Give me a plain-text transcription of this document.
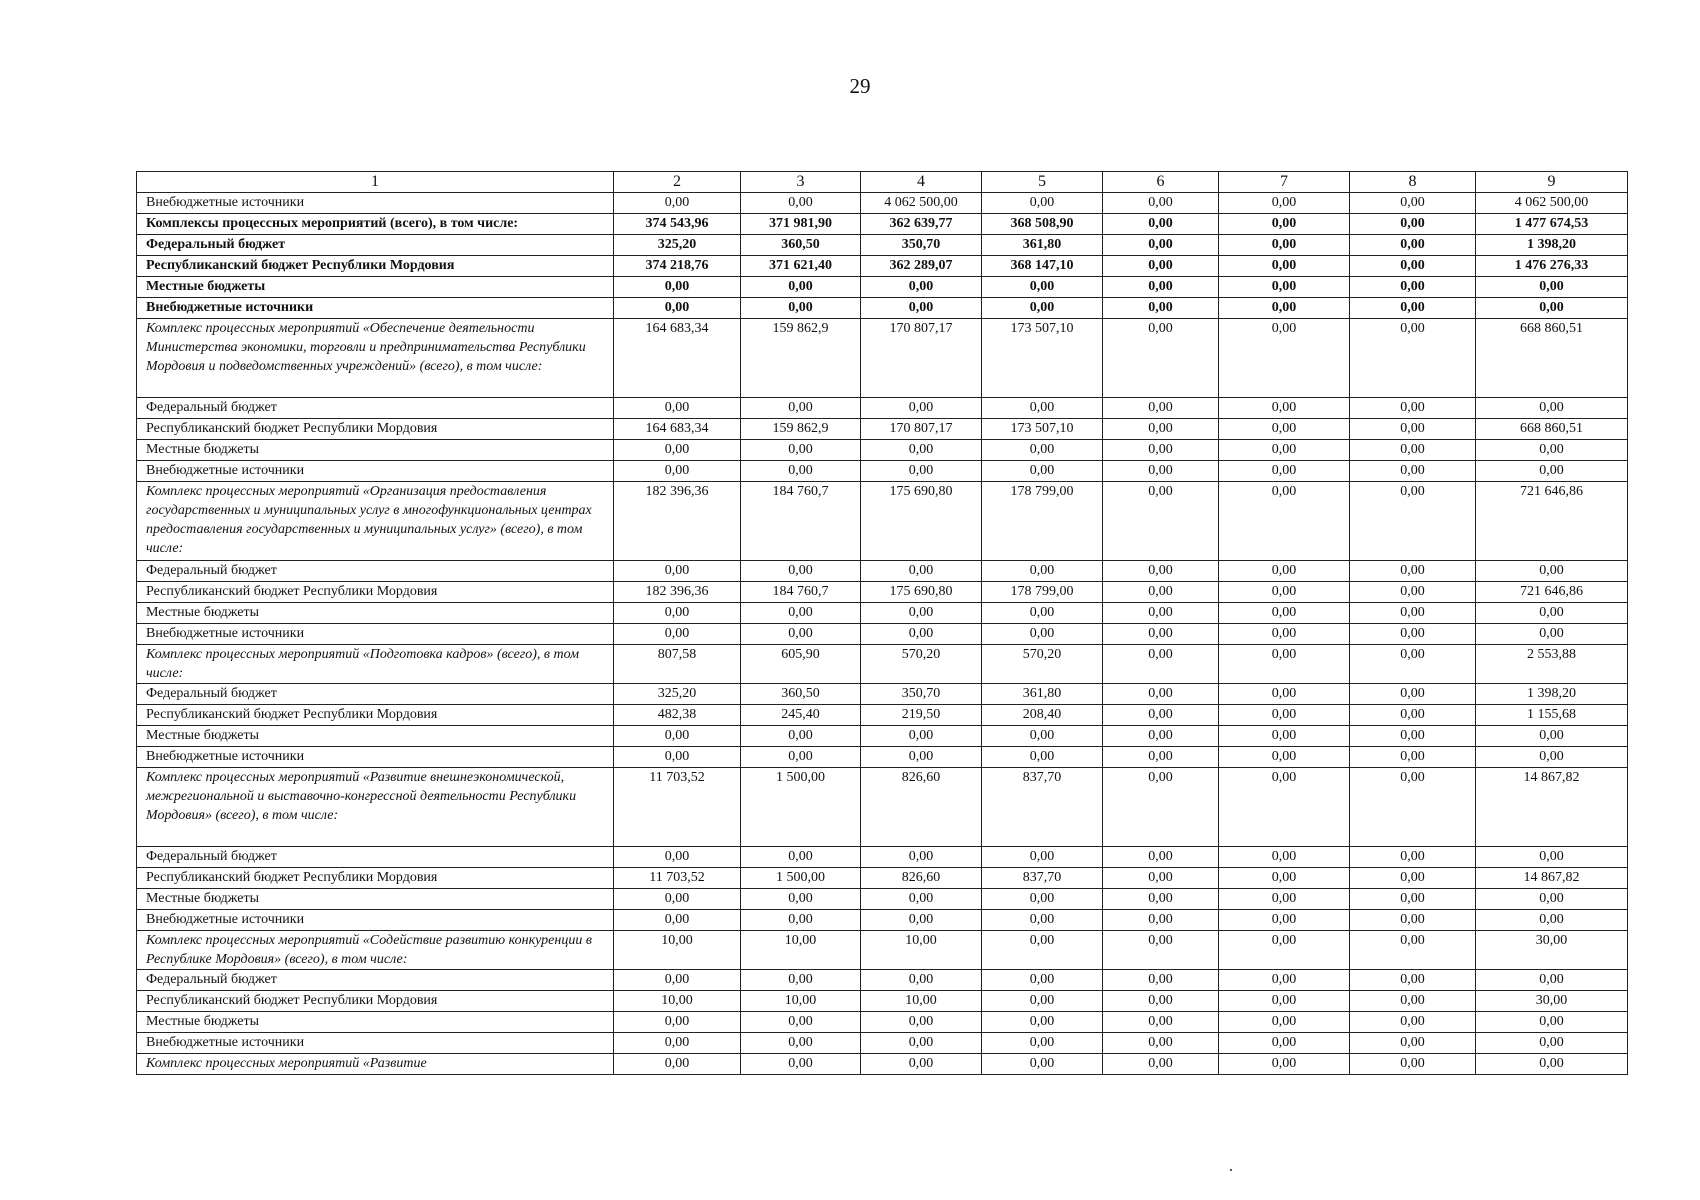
29
1	2	3	4	5	6	7	8	9
Внебюджетные источники	0,00	0,00	4 062 500,00	0,00	0,00	0,00	0,00	4 062 500,00
Комплексы процессных мероприятий (всего), в том числе:	374 543,96	371 981,90	362 639,77	368 508,90	0,00	0,00	0,00	1 477 674,53
Федеральный бюджет	325,20	360,50	350,70	361,80	0,00	0,00	0,00	1 398,20
Республиканский бюджет Республики Мордовия	374 218,76	371 621,40	362 289,07	368 147,10	0,00	0,00	0,00	1 476 276,33
Местные бюджеты	0,00	0,00	0,00	0,00	0,00	0,00	0,00	0,00
Внебюджетные источники	0,00	0,00	0,00	0,00	0,00	0,00	0,00	0,00
Комплекс процессных мероприятий «Обеспечение деятельности Министерства экономики, торговли и предпринимательства Республики Мордовия и подведомственных учреждений» (всего), в том числе:	164 683,34	159 862,9	170 807,17	173 507,10	0,00	0,00	0,00	668 860,51
Федеральный бюджет	0,00	0,00	0,00	0,00	0,00	0,00	0,00	0,00
Республиканский бюджет Республики Мордовия	164 683,34	159 862,9	170 807,17	173 507,10	0,00	0,00	0,00	668 860,51
Местные бюджеты	0,00	0,00	0,00	0,00	0,00	0,00	0,00	0,00
Внебюджетные источники	0,00	0,00	0,00	0,00	0,00	0,00	0,00	0,00
Комплекс процессных мероприятий «Организация предоставления государственных и муниципальных услуг в многофункциональных центрах предоставления государственных и муниципальных услуг» (всего), в том числе:	182 396,36	184 760,7	175 690,80	178 799,00	0,00	0,00	0,00	721 646,86
Федеральный бюджет	0,00	0,00	0,00	0,00	0,00	0,00	0,00	0,00
Республиканский бюджет Республики Мордовия	182 396,36	184 760,7	175 690,80	178 799,00	0,00	0,00	0,00	721 646,86
Местные бюджеты	0,00	0,00	0,00	0,00	0,00	0,00	0,00	0,00
Внебюджетные источники	0,00	0,00	0,00	0,00	0,00	0,00	0,00	0,00
Комплекс процессных мероприятий «Подготовка кадров» (всего), в том числе:	807,58	605,90	570,20	570,20	0,00	0,00	0,00	2 553,88
Федеральный бюджет	325,20	360,50	350,70	361,80	0,00	0,00	0,00	1 398,20
Республиканский бюджет Республики Мордовия	482,38	245,40	219,50	208,40	0,00	0,00	0,00	1 155,68
Местные бюджеты	0,00	0,00	0,00	0,00	0,00	0,00	0,00	0,00
Внебюджетные источники	0,00	0,00	0,00	0,00	0,00	0,00	0,00	0,00
Комплекс процессных мероприятий «Развитие внешнеэкономической, межрегиональной и выставочно-конгрессной деятельности Республики Мордовия» (всего), в том числе:	11 703,52	1 500,00	826,60	837,70	0,00	0,00	0,00	14 867,82
Федеральный бюджет	0,00	0,00	0,00	0,00	0,00	0,00	0,00	0,00
Республиканский бюджет Республики Мордовия	11 703,52	1 500,00	826,60	837,70	0,00	0,00	0,00	14 867,82
Местные бюджеты	0,00	0,00	0,00	0,00	0,00	0,00	0,00	0,00
Внебюджетные источники	0,00	0,00	0,00	0,00	0,00	0,00	0,00	0,00
Комплекс процессных мероприятий «Содействие развитию конкуренции в Республике Мордовия» (всего), в том числе:	10,00	10,00	10,00	0,00	0,00	0,00	0,00	30,00
Федеральный бюджет	0,00	0,00	0,00	0,00	0,00	0,00	0,00	0,00
Республиканский бюджет Республики Мордовия	10,00	10,00	10,00	0,00	0,00	0,00	0,00	30,00
Местные бюджеты	0,00	0,00	0,00	0,00	0,00	0,00	0,00	0,00
Внебюджетные источники	0,00	0,00	0,00	0,00	0,00	0,00	0,00	0,00
Комплекс процессных мероприятий «Развитие	0,00	0,00	0,00	0,00	0,00	0,00	0,00	0,00
